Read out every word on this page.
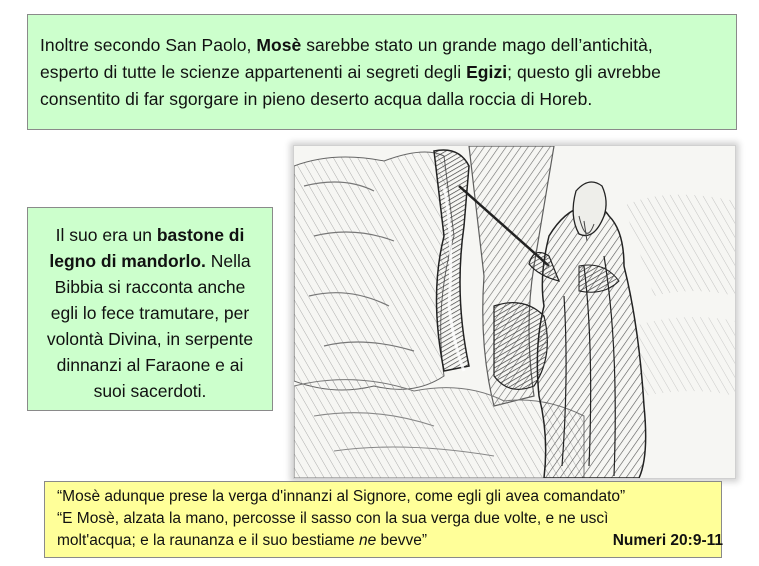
Inoltre secondo San Paolo, Mosè sarebbe stato un grande mago dell’antichità,
esperto di tutte le scienze appartenenti ai segreti degli Egizi; questo gli avrebbe
consentito di far sgorgare in pieno deserto acqua dalla roccia di Horeb.
Il suo era un bastone di
legno di mandorlo. Nella
Bibbia si racconta anche
egli lo fece tramutare, per
volontà Divina, in serpente
dinnanzi al Faraone e ai
suoi sacerdoti.
“Mosè adunque prese la verga d'innanzi al Signore, come egli gli avea comandato”
“E Mosè, alzata la mano, percosse il sasso con la sua verga due volte, e ne uscì
molt'acqua; e la raunanza e il suo bestiame ne bevve”	Numeri 20:9-11
